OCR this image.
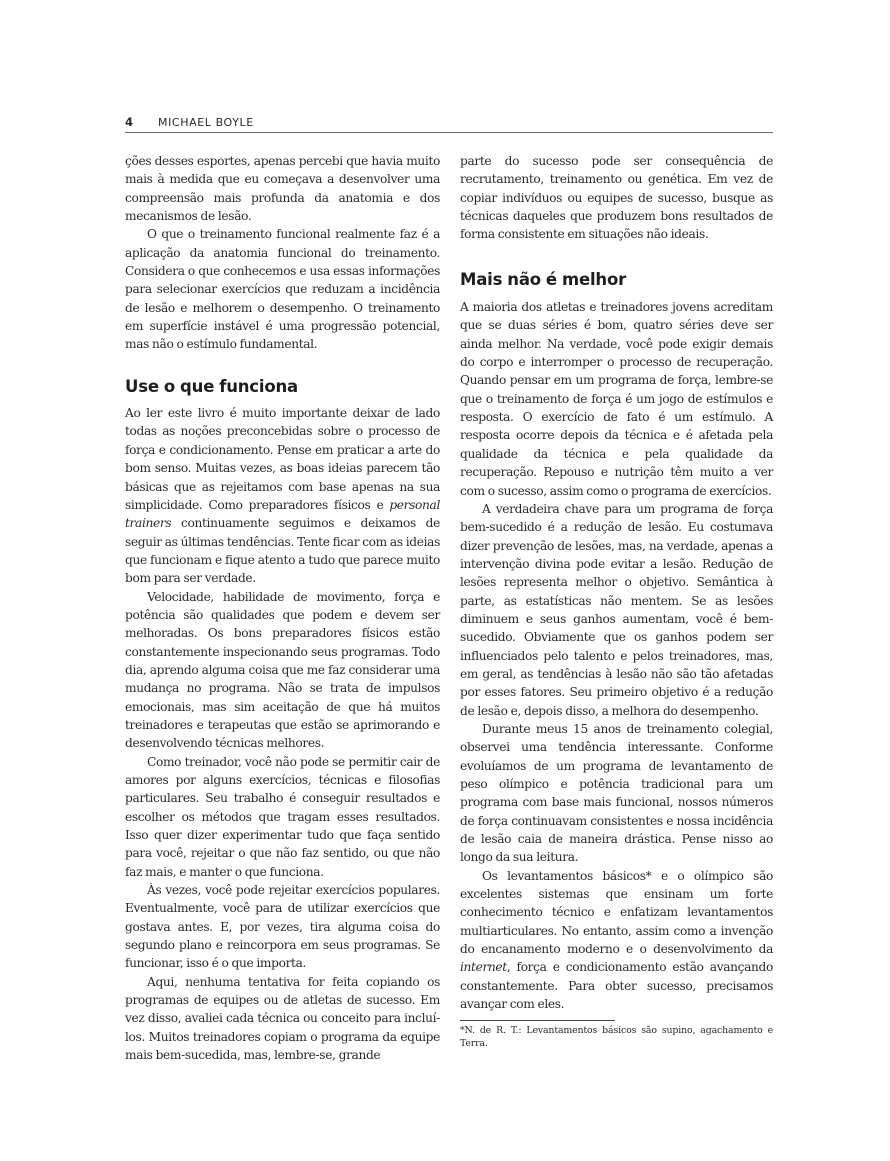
4 MICHAEL BOYLE

ções desses esportes, apenas percebi que havia muito mais à medida que eu começava a desenvolver uma compreensão mais profunda da anatomia e dos mecanismos de lesão.

O que o treinamento funcional realmente faz é a aplicação da anatomia funcional do treinamento. Considera o que conhecemos e usa essas informações para selecionar exercícios que reduzam a incidência de lesão e melhorem o desempenho. O treinamento em superfície instável é uma progressão potencial, mas não o estímulo fundamental.

Use o que funciona

Ao ler este livro é muito importante deixar de lado todas as noções preconcebidas sobre o processo de força e condicionamento. Pense em praticar a arte do bom senso. Muitas vezes, as boas ideias parecem tão básicas que as rejeitamos com base apenas na sua simplicidade. Como preparadores físicos e personal trainers continuamente seguimos e deixamos de seguir as últimas tendências. Tente ficar com as ideias que funcionam e fique atento a tudo que parece muito bom para ser verdade.

Velocidade, habilidade de movimento, força e potência são qualidades que podem e devem ser melhoradas. Os bons preparadores físicos estão constantemente inspecionando seus programas. Todo dia, aprendo alguma coisa que me faz considerar uma mudança no programa. Não se trata de impulsos emocionais, mas sim aceitação de que há muitos treinadores e terapeutas que estão se aprimorando e desenvolvendo técnicas melhores.

Como treinador, você não pode se permitir cair de amores por alguns exercícios, técnicas e filosofias particulares. Seu trabalho é conseguir resultados e escolher os métodos que tragam esses resultados. Isso quer dizer experimentar tudo que faça sentido para você, rejeitar o que não faz sentido, ou que não faz mais, e manter o que funciona.

Às vezes, você pode rejeitar exercícios populares. Eventualmente, você para de utilizar exercícios que gostava antes. E, por vezes, tira alguma coisa do segundo plano e reincorpora em seus programas. Se funcionar, isso é o que importa.

Aqui, nenhuma tentativa for feita copiando os programas de equipes ou de atletas de sucesso. Em vez disso, avaliei cada técnica ou conceito para incluí-los. Muitos treinadores copiam o programa da equipe mais bem-sucedida, mas, lembre-se, grande

parte do sucesso pode ser consequência de recrutamento, treinamento ou genética. Em vez de copiar indivíduos ou equipes de sucesso, busque as técnicas daqueles que produzem bons resultados de forma consistente em situações não ideais.

Mais não é melhor

A maioria dos atletas e treinadores jovens acreditam que se duas séries é bom, quatro séries deve ser ainda melhor. Na verdade, você pode exigir demais do corpo e interromper o processo de recuperação. Quando pensar em um programa de força, lembre-se que o treinamento de força é um jogo de estímulos e resposta. O exercício de fato é um estímulo. A resposta ocorre depois da técnica e é afetada pela qualidade da técnica e pela qualidade da recuperação. Repouso e nutrição têm muito a ver com o sucesso, assim como o programa de exercícios.

A verdadeira chave para um programa de força bem-sucedido é a redução de lesão. Eu costumava dizer prevenção de lesões, mas, na verdade, apenas a intervenção divina pode evitar a lesão. Redução de lesões representa melhor o objetivo. Semântica à parte, as estatísticas não mentem. Se as lesões diminuem e seus ganhos aumentam, você é bem-sucedido. Obviamente que os ganhos podem ser influenciados pelo talento e pelos treinadores, mas, em geral, as tendências à lesão não são tão afetadas por esses fatores. Seu primeiro objetivo é a redução de lesão e, depois disso, a melhora do desempenho.

Durante meus 15 anos de treinamento colegial, observei uma tendência interessante. Conforme evoluíamos de um programa de levantamento de peso olímpico e potência tradicional para um programa com base mais funcional, nossos números de força continuavam consistentes e nossa incidência de lesão caia de maneira drástica. Pense nisso ao longo da sua leitura.

Os levantamentos básicos* e o olímpico são excelentes sistemas que ensinam um forte conhecimento técnico e enfatizam levantamentos multiarticulares. No entanto, assim como a invenção do encanamento moderno e o desenvolvimento da internet, força e condicionamento estão avançando constantemente. Para obter sucesso, precisamos avançar com eles.

*N. de R. T.: Levantamentos básicos são supino, agachamento e Terra.
